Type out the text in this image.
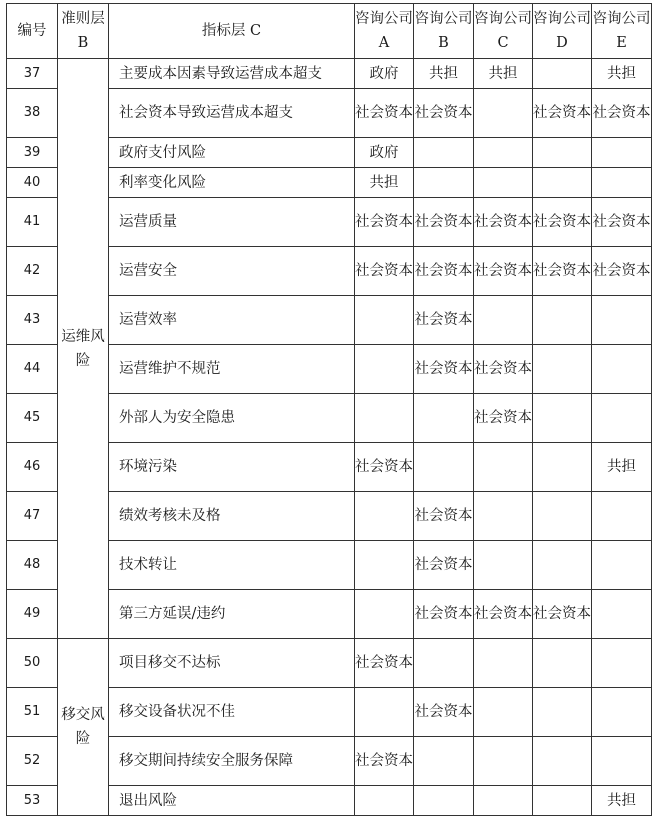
编号	准则层 B	指标层 C	咨询公司 A	咨询公司 B	咨询公司 C	咨询公司 D	咨询公司 E
37	运维风险	主要成本因素导致运营成本超支	政府	共担	共担		共担
38		社会资本导致运营成本超支	社会资本	社会资本		社会资本	社会资本
39		政府支付风险	政府				
40		利率变化风险	共担				
41		运营质量	社会资本	社会资本	社会资本	社会资本	社会资本
42		运营安全	社会资本	社会资本	社会资本	社会资本	社会资本
43		运营效率		社会资本			
44		运营维护不规范		社会资本	社会资本		
45		外部人为安全隐患			社会资本		
46		环境污染	社会资本				共担
47		绩效考核未及格		社会资本			
48		技术转让		社会资本			
49		第三方延误/违约		社会资本	社会资本	社会资本	
50	移交风险	项目移交不达标	社会资本				
51		移交设备状况不佳		社会资本			
52		移交期间持续安全服务保障	社会资本				
53		退出风险					共担
